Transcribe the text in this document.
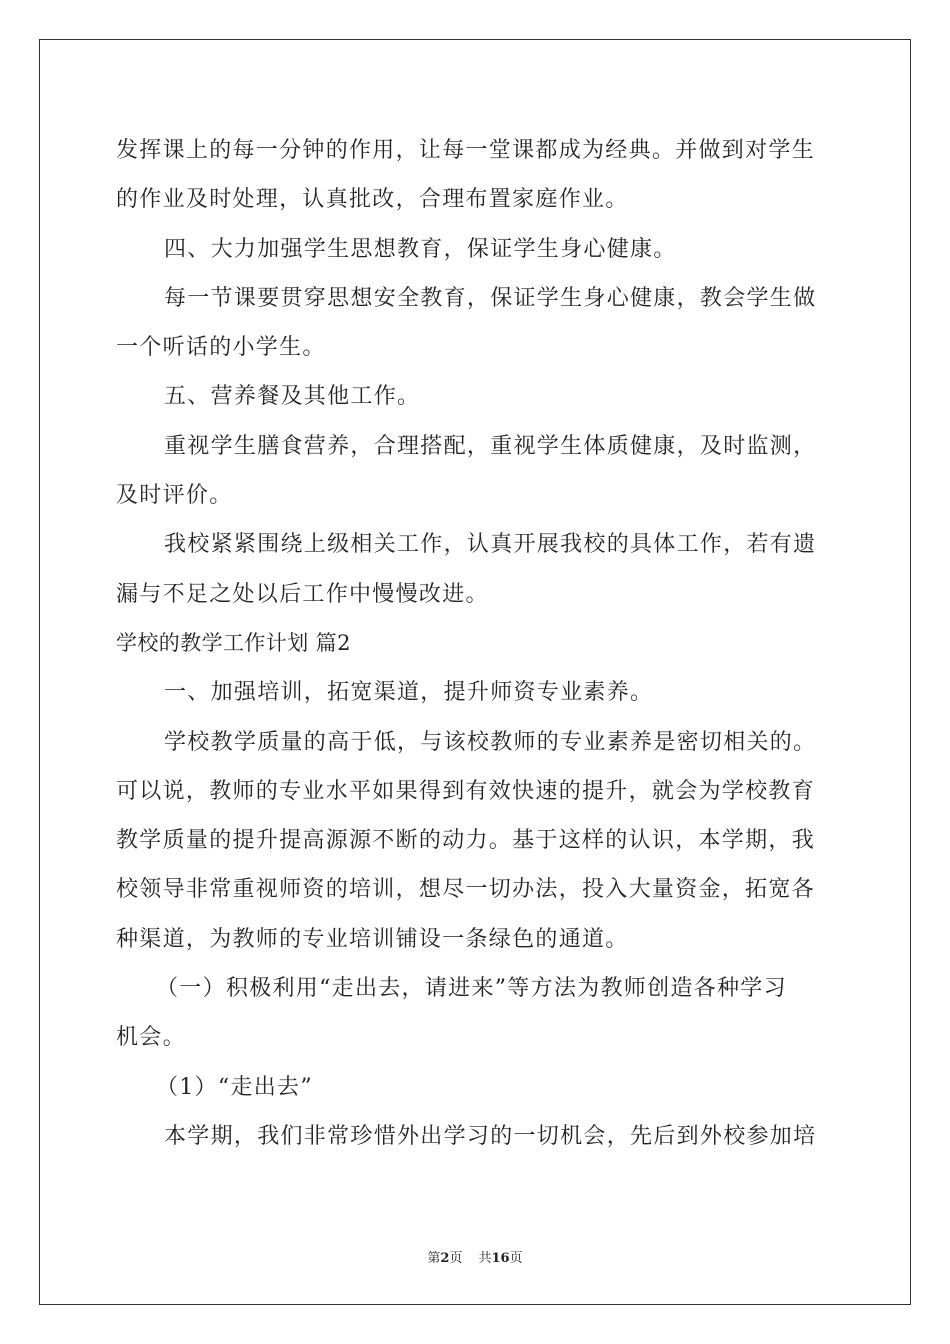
发挥课上的每一分钟的作用，让每一堂课都成为经典。并做到对学生
的作业及时处理，认真批改，合理布置家庭作业。
四、大力加强学生思想教育，保证学生身心健康。
每一节课要贯穿思想安全教育，保证学生身心健康，教会学生做
一个听话的小学生。
五、营养餐及其他工作。
重视学生膳食营养，合理搭配，重视学生体质健康，及时监测，
及时评价。
我校紧紧围绕上级相关工作，认真开展我校的具体工作，若有遗
漏与不足之处以后工作中慢慢改进。
学校的教学工作计划 篇2
一、加强培训，拓宽渠道，提升师资专业素养。
学校教学质量的高于低，与该校教师的专业素养是密切相关的。
可以说，教师的专业水平如果得到有效快速的提升，就会为学校教育
教学质量的提升提高源源不断的动力。基于这样的认识，本学期，我
校领导非常重视师资的培训，想尽一切办法，投入大量资金，拓宽各
种渠道，为教师的专业培训铺设一条绿色的通道。
（一）积极利用“走出去，请进来”等方法为教师创造各种学习
机会。
（1）“走出去”
本学期，我们非常珍惜外出学习的一切机会，先后到外校参加培
第2页 共16页
